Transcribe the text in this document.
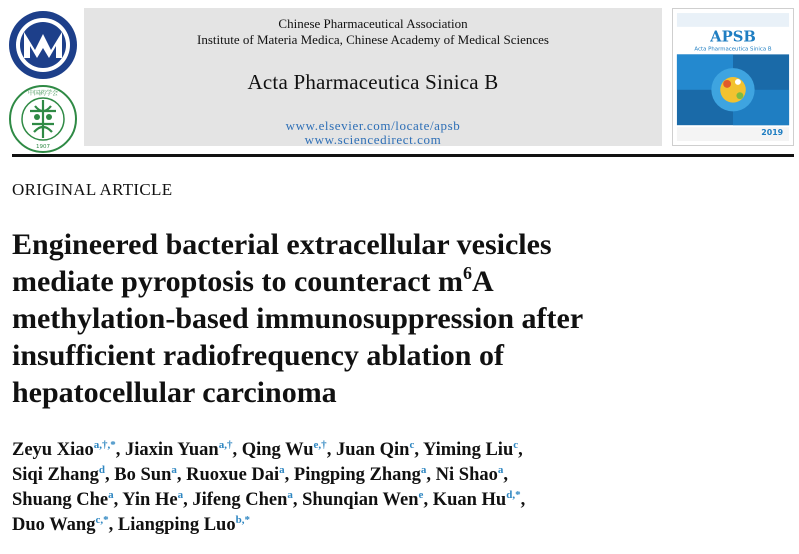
中国药学会
1907
Chinese Pharmaceutical Association
Institute of Materia Medica, Chinese Academy of Medical Sciences
Acta Pharmaceutica Sinica B
www.elsevier.com/locate/apsb
www.sciencedirect.com
APSB
Acta Pharmaceutica Sinica B
2019
ORIGINAL ARTICLE
Engineered bacterial extracellular vesicles
mediate pyroptosis to counteract $m^6A$
methylation-based immunosuppression after
insufficient radiofrequency ablation of
hepatocellular carcinoma
Zeyu Xiao$^{a,\dagger,*}$, Jiaxin Yuan$^{a,\dagger}$, Qing $Wu^{e,\dagger}$, Juan Qin$^c$, Yiming Liu$^c$,
Siqi Zhang$^d$, Bo Sun$^a$, Ruoxue Dai$^a$, Pingping Zhang$^a$, Ni Shao$^a$,
Shuang Che$^a$, Yin He$^a$, Jifeng Chen$^a$, Shunqian Wen$^e$, Kuan $Hu^{d,*}$,
Duo Wang$^{c,*}$, Liangping Luo$^{b,*}$
